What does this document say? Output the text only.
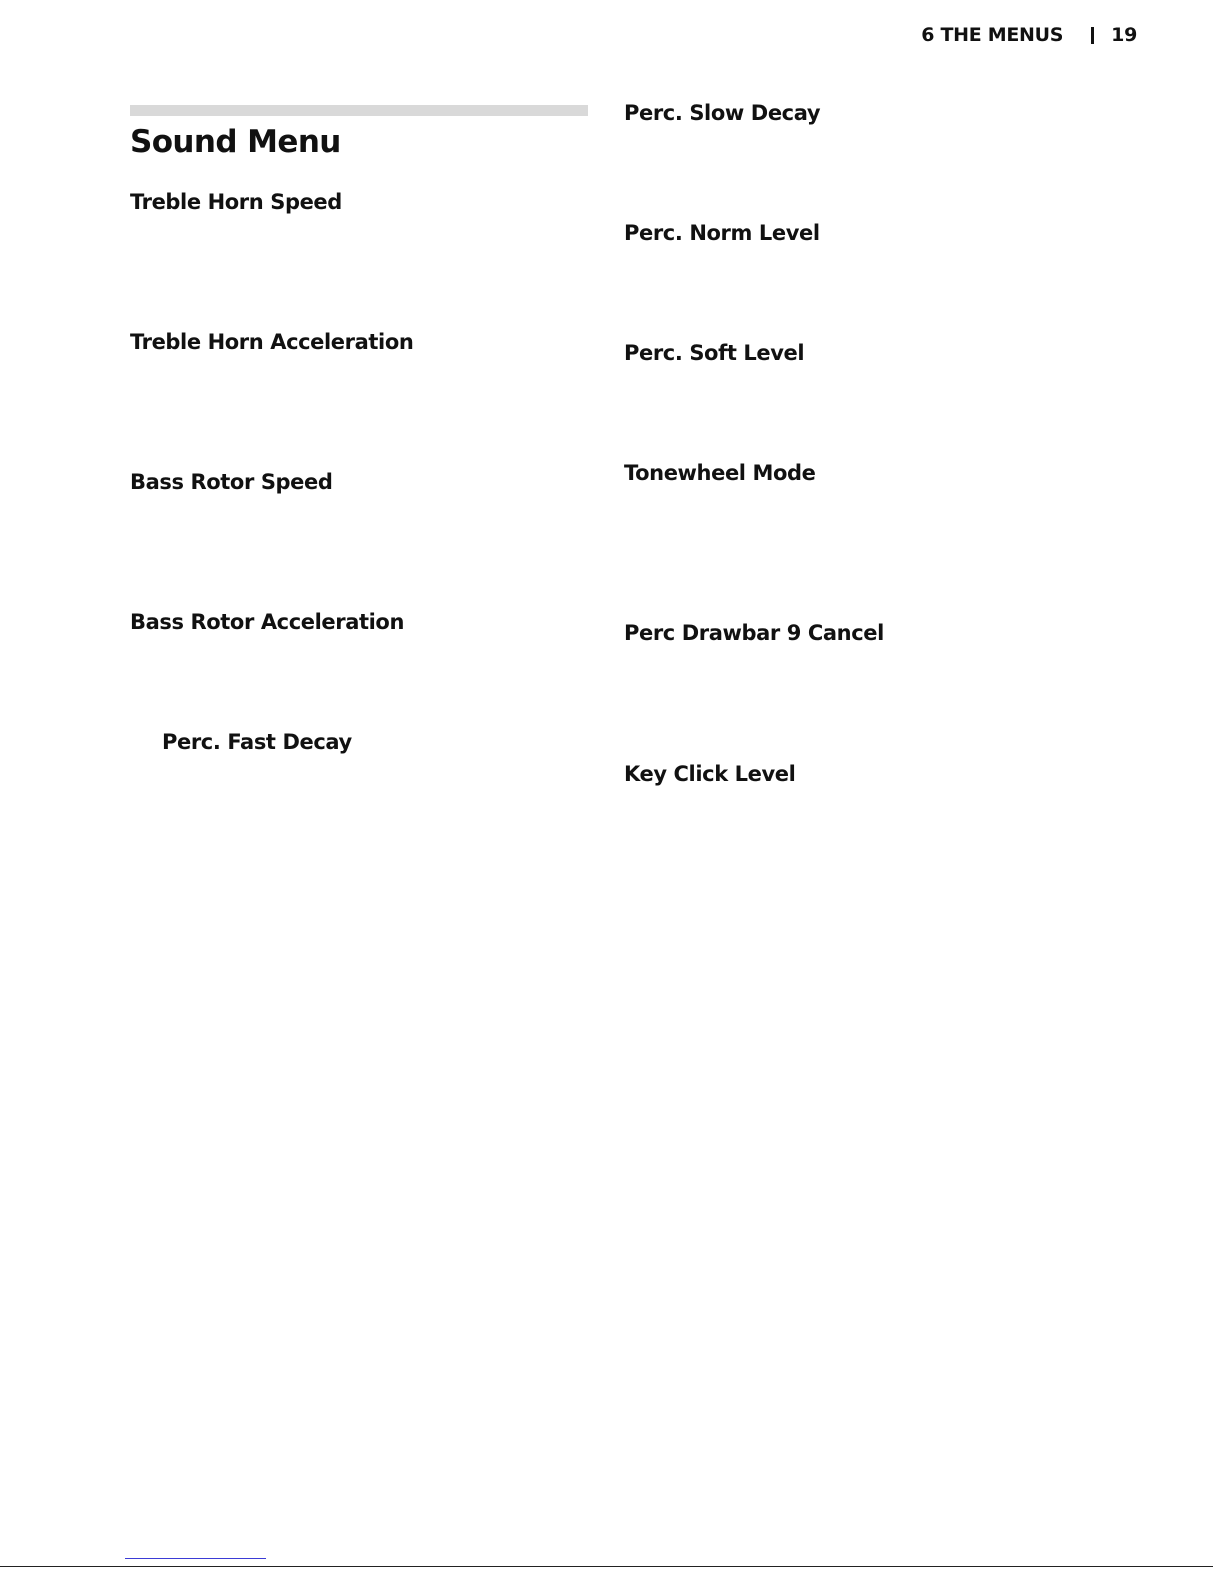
6 THE MENUS	19
Sound Menu
Treble Horn Speed
Treble Horn Acceleration
Bass Rotor Speed
Bass Rotor Acceleration
Perc. Fast Decay
Perc. Slow Decay
Perc. Norm Level
Perc. Soft Level
Tonewheel Mode
Perc Drawbar 9 Cancel
Key Click Level
